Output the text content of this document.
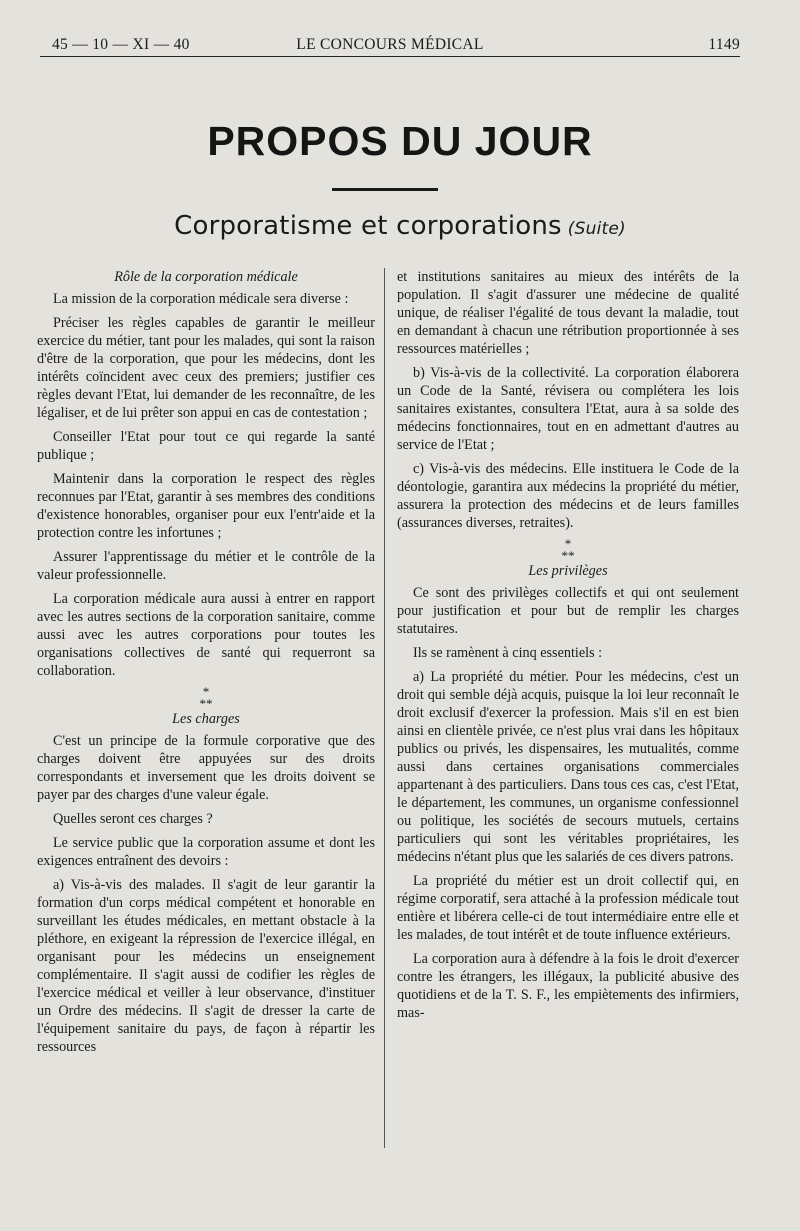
45 — 10 — XI — 40	LE CONCOURS MÉDICAL	1149
PROPOS DU JOUR
Corporatisme et corporations (Suite)

Rôle de la corporation médicale

La mission de la corporation médicale sera diverse :

Préciser les règles capables de garantir le meilleur exercice du métier, tant pour les malades, qui sont la raison d'être de la corporation, que pour les médecins, dont les intérêts coïncident avec ceux des premiers; justifier ces règles devant l'Etat, lui demander de les reconnaître, de les légaliser, et de lui prêter son appui en cas de contestation ;

Conseiller l'Etat pour tout ce qui regarde la santé publique ;

Maintenir dans la corporation le respect des règles reconnues par l'Etat, garantir à ses membres des conditions d'existence honorables, organiser pour eux l'entr'aide et la protection contre les infortunes ;

Assurer l'apprentissage du métier et le contrôle de la valeur professionnelle.

La corporation médicale aura aussi à entrer en rapport avec les autres sections de la corporation sanitaire, comme aussi avec les autres corporations pour toutes les organisations collectives de santé qui requerront sa collaboration.

*
**

Les charges

C'est un principe de la formule corporative que des charges doivent être appuyées sur des droits correspondants et inversement que les droits doivent se payer par des charges d'une valeur égale.

Quelles seront ces charges ?

Le service public que la corporation assume et dont les exigences entraînent des devoirs :

a) Vis-à-vis des malades. Il s'agit de leur garantir la formation d'un corps médical compétent et honorable en surveillant les études médicales, en mettant obstacle à la pléthore, en exigeant la répression de l'exercice illégal, en organisant pour les médecins un enseignement complémentaire. Il s'agit aussi de codifier les règles de l'exercice médical et veiller à leur observance, d'instituer un Ordre des médecins. Il s'agit de dresser la carte de l'équipement sanitaire du pays, de façon à répartir les ressources

et institutions sanitaires au mieux des intérêts de la population. Il s'agit d'assurer une médecine de qualité unique, de réaliser l'égalité de tous devant la maladie, tout en demandant à chacun une rétribution proportionnée à ses ressources matérielles ;

b) Vis-à-vis de la collectivité. La corporation élaborera un Code de la Santé, révisera ou complétera les lois sanitaires existantes, consultera l'Etat, aura à sa solde des médecins fonctionnaires, tout en en admettant d'autres au service de l'Etat ;

c) Vis-à-vis des médecins. Elle instituera le Code de la déontologie, garantira aux médecins la propriété du métier, assurera la protection des médecins et de leurs familles (assurances diverses, retraites).

*
**

Les privilèges

Ce sont des privilèges collectifs et qui ont seulement pour justification et pour but de remplir les charges statutaires.

Ils se ramènent à cinq essentiels :

a) La propriété du métier. Pour les médecins, c'est un droit qui semble déjà acquis, puisque la loi leur reconnaît le droit exclusif d'exercer la profession. Mais s'il en est bien ainsi en clientèle privée, ce n'est plus vrai dans les hôpitaux publics ou privés, les dispensaires, les mutualités, comme aussi dans certaines organisations commerciales appartenant à des particuliers. Dans tous ces cas, c'est l'Etat, le département, les communes, un organisme confessionnel ou politique, les sociétés de secours mutuels, certains particuliers qui sont les véritables propriétaires, les médecins n'étant plus que les salariés de ces divers patrons.

La propriété du métier est un droit collectif qui, en régime corporatif, sera attaché à la profession médicale tout entière et libérera celle-ci de tout intermédiaire entre elle et les malades, de tout intérêt et de toute influence extérieurs.

La corporation aura à défendre à la fois le droit d'exercer contre les étrangers, les illégaux, la publicité abusive des quotidiens et de la T. S. F., les empiètements des infirmiers, mas-
